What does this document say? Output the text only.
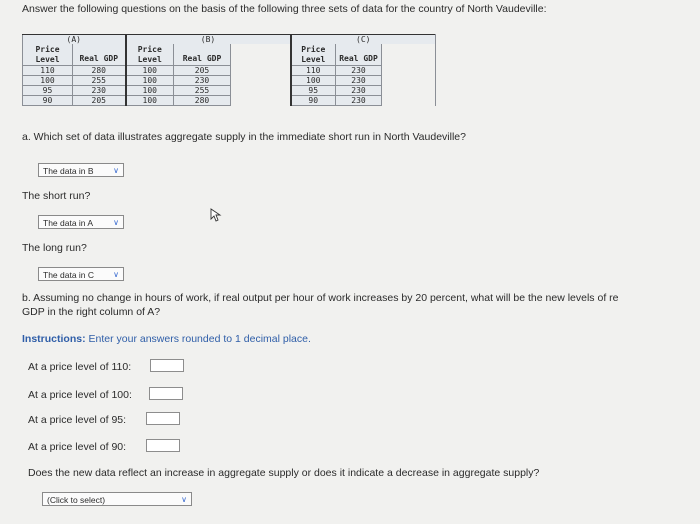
Answer the following questions on the basis of the following three sets of data for the country of North Vaudeville:
(A)		(B)			(C)		
Price Level	Real GDP	Price Level	Real GDP		Price Level	Real GDP	
110	280	100	205		110	230	
100	255	100	230		100	230	
95	230	100	255		95	230	
90	205	100	280		90	230	
a. Which set of data illustrates aggregate supply in the immediate short run in North Vaudeville?
The data in B ∨
The short run?
The data in A	∨
The long run?
The data in C ∨
b. Assuming no change in hours of work, if real output per hour of work increases by 20 percent, what will be the new levels of re
GDP in the right column of A?
Instructions: Enter your answers rounded to 1 decimal place.
At a price level of 110:
At a price level of 100:
At a price level of 95:
At a price level of 90:
Does the new data reflect an increase in aggregate supply or does it indicate a decrease in aggregate supply?
(Click to select)	∨
